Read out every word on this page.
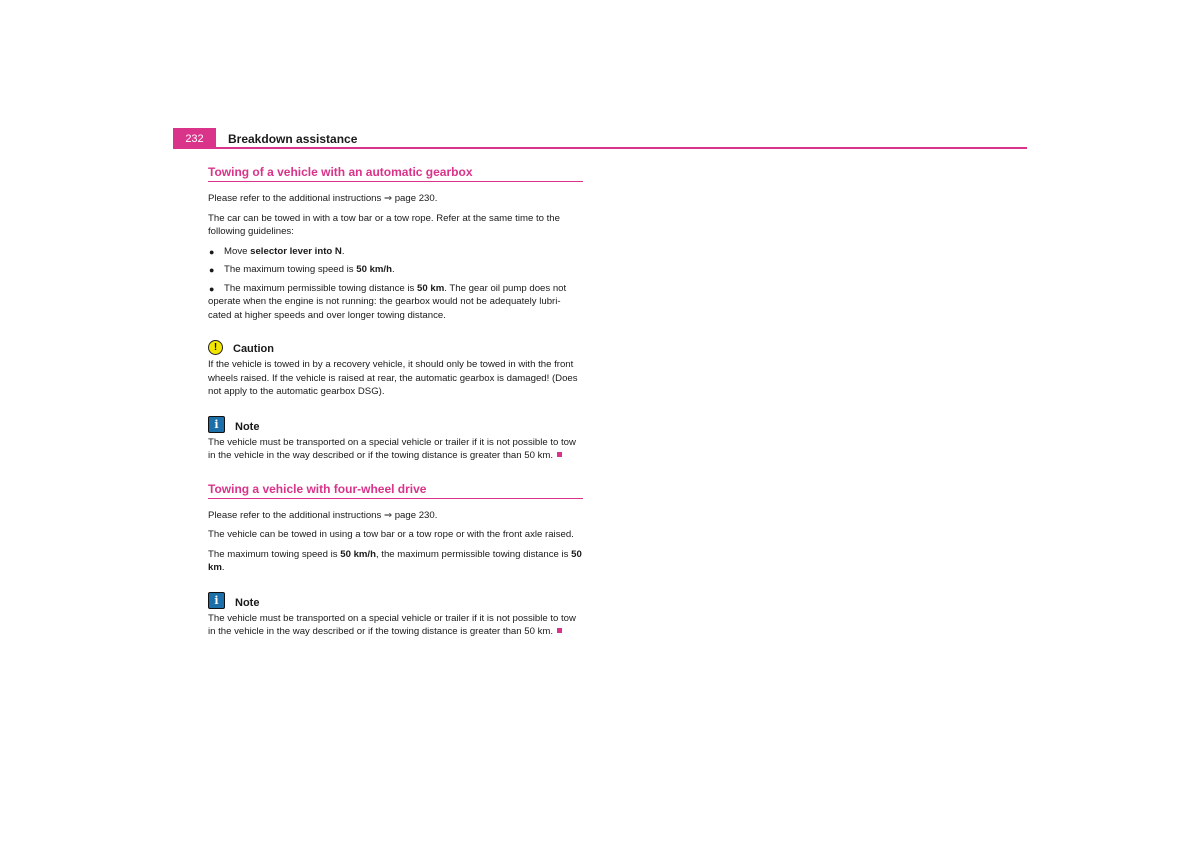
232	Breakdown assistance
Towing of a vehicle with an automatic gearbox

Please refer to the additional instructions ⇒ page 230.

The car can be towed in with a tow bar or a tow rope. Refer at the same time to the following guidelines:

● Move selector lever into N.
● The maximum towing speed is 50 km/h.
● The maximum permissible towing distance is 50 km. The gear oil pump does not operate when the engine is not running: the gearbox would not be adequately lubri-cated at higher speeds and over longer towing distance.
!	Caution

If the vehicle is towed in by a recovery vehicle, it should only be towed in with the front wheels raised. If the vehicle is raised at rear, the automatic gearbox is damaged! (Does not apply to the automatic gearbox DSG).

i	Note

The vehicle must be transported on a special vehicle or trailer if it is not possible to tow in the vehicle in the way described or if the towing distance is greater than 50 km.

Towing a vehicle with four-wheel drive

Please refer to the additional instructions ⇒ page 230.

The vehicle can be towed in using a tow bar or a tow rope or with the front axle raised.

The maximum towing speed is 50 km/h, the maximum permissible towing distance is 50 km.

i	Note

The vehicle must be transported on a special vehicle or trailer if it is not possible to tow in the vehicle in the way described or if the towing distance is greater than 50 km.
